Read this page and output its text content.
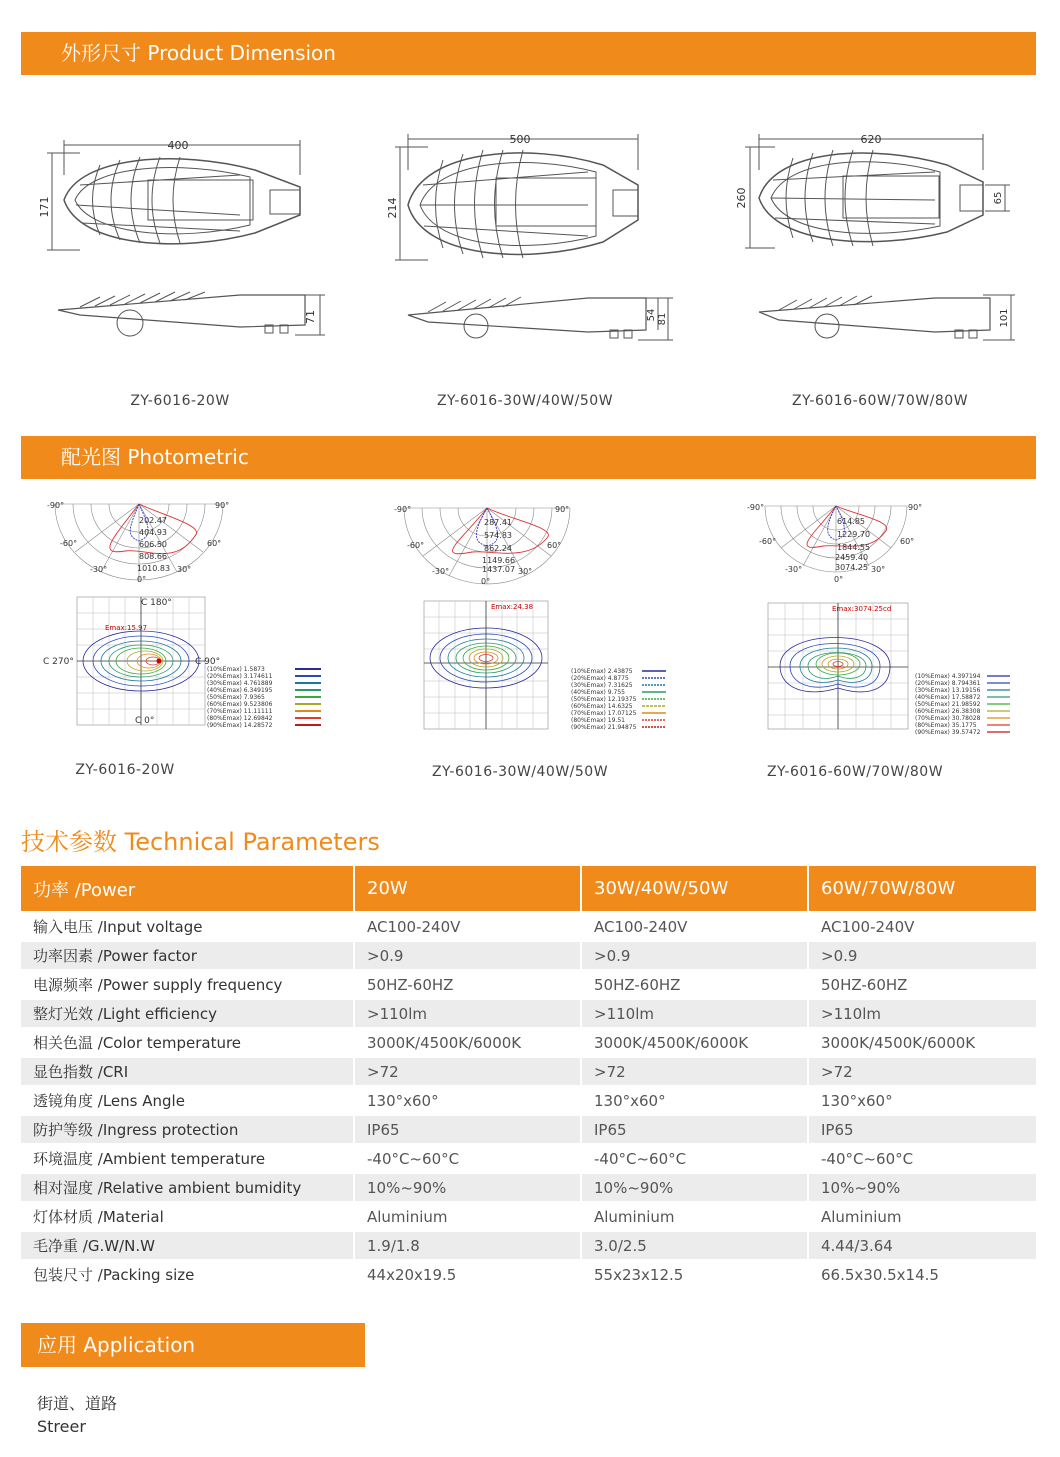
外形尺寸 Product Dimension
400
171
71
ZY-6016-20W
500
214
54 81
ZY-6016-30W/40W/50W
620
260	65
101
ZY-6016-60W/70W/80W
配光图 Photometric
-90°	90°
-60°	60°
-30°	30°
0°
202.47
404.93
606.50
808.66
1010.83
Emax:15.97
C 180°
C 270°	C 90°
C 0°
(10%Emax) 1.5873
(20%Emax) 3.174611
(30%Emax) 4.761889
(40%Emax) 6.349195
(50%Emax) 7.9365
(60%Emax) 9.523806
(70%Emax) 11.11111
(80%Emax) 12.69842
(90%Emax) 14.28572
ZY-6016-20W
-90°	90°
-60°	60°
-30°	30°
0°
287.41
574.83
862.24
1149.66
1437.07
Emax:24.38
(10%Emax) 2.43875
(20%Emax) 4.8775
(30%Emax) 7.31625
(40%Emax) 9.755
(50%Emax) 12.19375
(60%Emax) 14.6325
(70%Emax) 17.07125
(80%Emax) 19.51
(90%Emax) 21.94875
ZY-6016-30W/40W/50W
-90°	90°
-60°	60°
-30°	30°
0°
614.85
1229.70
1844.55
2459.40
3074.25
Emax:3074.25cd
(10%Emax) 4.397194
(20%Emax) 8.794361
(30%Emax) 13.19156
(40%Emax) 17.58872
(50%Emax) 21.98592
(60%Emax) 26.38308
(70%Emax) 30.78028
(80%Emax) 35.1775
(90%Emax) 39.57472
ZY-6016-60W/70W/80W
技术参数 Technical Parameters
功率 /Power	20W	30W/40W/50W	60W/70W/80W
输入电压 /Input voltage	AC100-240V	AC100-240V	AC100-240V
功率因素 /Power factor	>0.9	>0.9	>0.9
电源频率 /Power supply frequency	50HZ-60HZ	50HZ-60HZ	50HZ-60HZ
整灯光效 /Light efficiency	>110lm	>110lm	>110lm
相关色温 /Color temperature	3000K/4500K/6000K	3000K/4500K/6000K	3000K/4500K/6000K
显色指数 /CRI	>72	>72	>72
透镜角度 /Lens Angle	130°x60°	130°x60°	130°x60°
防护等级 /Ingress protection	IP65	IP65	IP65
环境温度 /Ambient temperature	-40°C~60°C	-40°C~60°C	-40°C~60°C
相对湿度 /Relative ambient bumidity	10%~90%	10%~90%	10%~90%
灯体材质 /Material	Aluminium	Aluminium	Aluminium
毛净重 /G.W/N.W	1.9/1.8	3.0/2.5	4.44/3.64
包装尺寸 /Packing size	44x20x19.5	55x23x12.5	66.5x30.5x14.5
应用 Application
街道、道路
Streer
